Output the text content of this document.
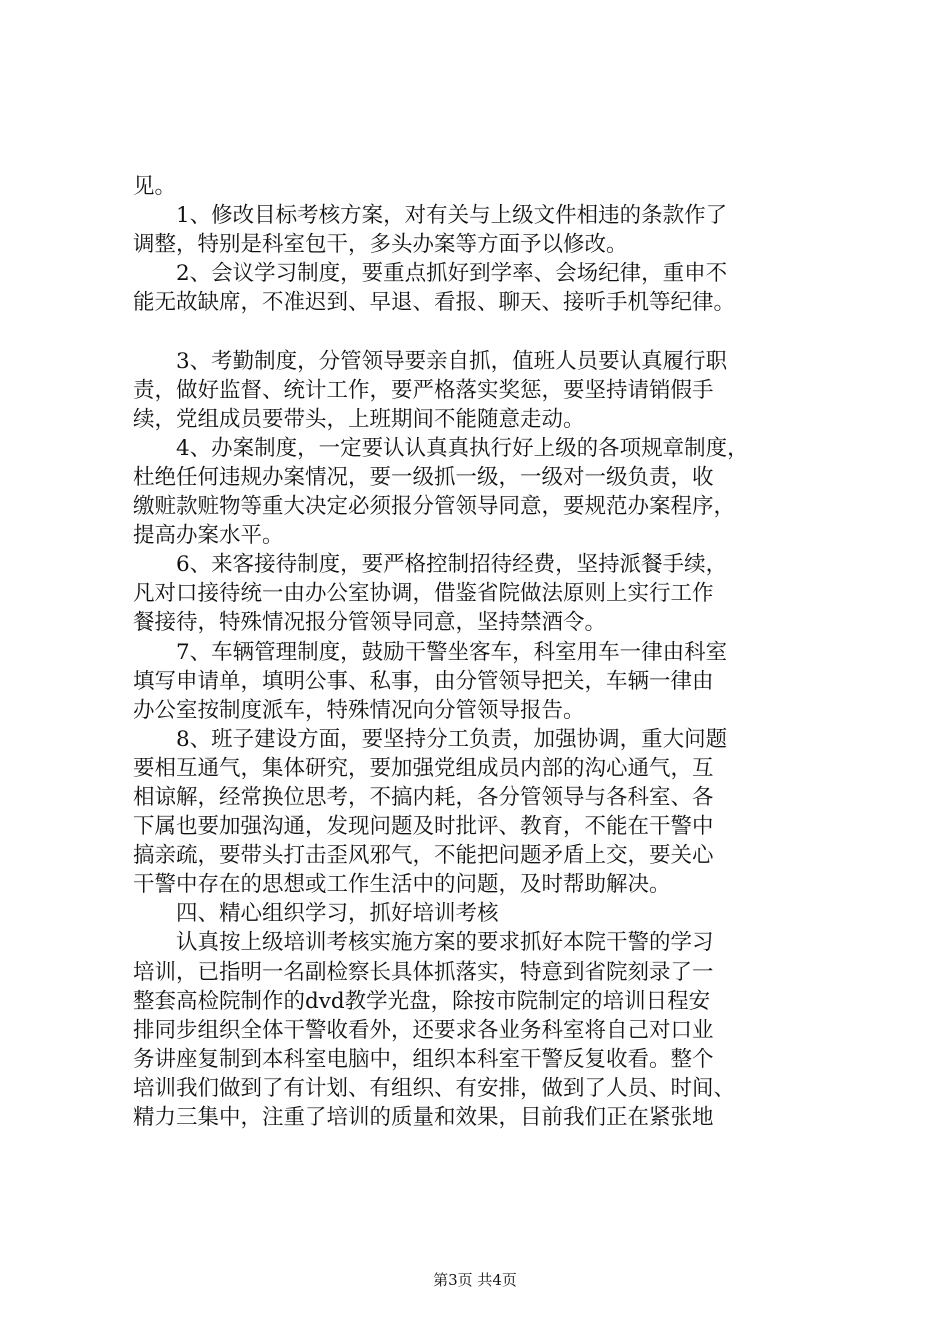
见。
　　1、修改目标考核方案，对有关与上级文件相违的条款作了
调整，特别是科室包干，多头办案等方面予以修改。
　　2、会议学习制度，要重点抓好到学率、会场纪律，重申不
能无故缺席，不准迟到、早退、看报、聊天、接听手机等纪律。
　　3、考勤制度，分管领导要亲自抓，值班人员要认真履行职
责，做好监督、统计工作，要严格落实奖惩，要坚持请销假手
续，党组成员要带头，上班期间不能随意走动。
　　4、办案制度，一定要认认真真执行好上级的各项规章制度，
杜绝任何违规办案情况，要一级抓一级，一级对一级负责，收
缴赃款赃物等重大决定必须报分管领导同意，要规范办案程序，
提高办案水平。
　　6、来客接待制度，要严格控制招待经费，坚持派餐手续，
凡对口接待统一由办公室协调，借鉴省院做法原则上实行工作
餐接待，特殊情况报分管领导同意，坚持禁酒令。
　　7、车辆管理制度，鼓励干警坐客车，科室用车一律由科室
填写申请单，填明公事、私事，由分管领导把关，车辆一律由
办公室按制度派车，特殊情况向分管领导报告。
　　8、班子建设方面，要坚持分工负责，加强协调，重大问题
要相互通气，集体研究，要加强党组成员内部的沟心通气，互
相谅解，经常换位思考，不搞内耗，各分管领导与各科室、各
下属也要加强沟通，发现问题及时批评、教育，不能在干警中
搞亲疏，要带头打击歪风邪气，不能把问题矛盾上交，要关心
干警中存在的思想或工作生活中的问题，及时帮助解决。
　　四、精心组织学习，抓好培训考核
　　认真按上级培训考核实施方案的要求抓好本院干警的学习
培训，已指明一名副检察长具体抓落实，特意到省院刻录了一
整套高检院制作的dvd教学光盘，除按市院制定的培训日程安
排同步组织全体干警收看外，还要求各业务科室将自己对口业
务讲座复制到本科室电脑中，组织本科室干警反复收看。整个
培训我们做到了有计划、有组织、有安排，做到了人员、时间、
精力三集中，注重了培训的质量和效果，目前我们正在紧张地
第3页 共4页
